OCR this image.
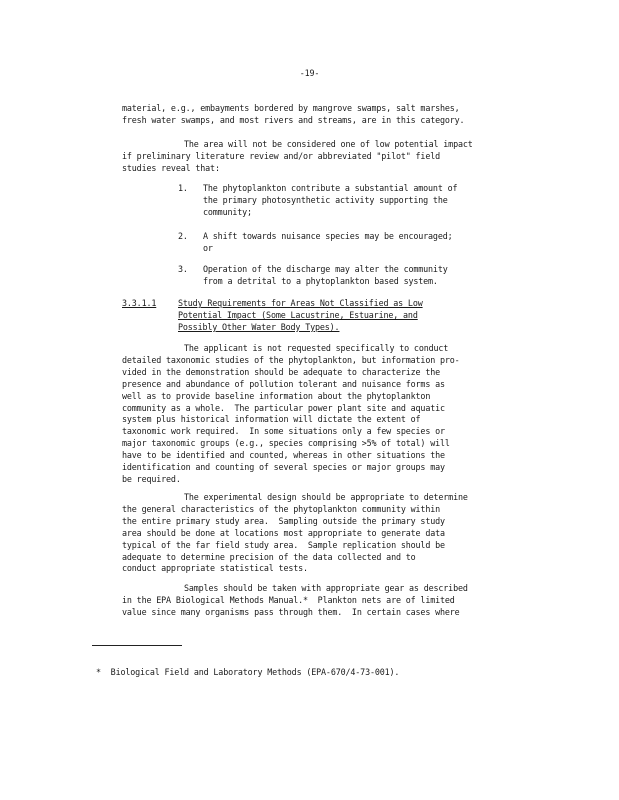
-19-
material, e.g., embayments bordered by mangrove swamps, salt marshes,
fresh water swamps, and most rivers and streams, are in this category.
The area will not be considered one of low potential impact
if preliminary literature review and/or abbreviated "pilot" field
studies reveal that:
1. The phytoplankton contribute a substantial amount of
the primary photosynthetic activity supporting the
community;
2. A shift towards nuisance species may be encouraged;
or
3. Operation of the discharge may alter the community
from a detrital to a phytoplankton based system.
3.3.1.1	Study Requirements for Areas Not Classified as Low
Potential Impact (Some Lacustrine, Estuarine, and
Possibly Other Water Body Types).
The applicant is not requested specifically to conduct
detailed taxonomic studies of the phytoplankton, but information pro-
vided in the demonstration should be adequate to characterize the
presence and abundance of pollution tolerant and nuisance forms as
well as to provide baseline information about the phytoplankton
community as a whole.  The particular power plant site and aquatic
system plus historical information will dictate the extent of
taxonomic work required.  In some situations only a few species or
major taxonomic groups (e.g., species comprising >5% of total) will
have to be identified and counted, whereas in other situations the
identification and counting of several species or major groups may
be required.
The experimental design should be appropriate to determine
the general characteristics of the phytoplankton community within
the entire primary study area.  Sampling outside the primary study
area should be done at locations most appropriate to generate data
typical of the far field study area.  Sample replication should be
adequate to determine precision of the data collected and to
conduct appropriate statistical tests.
Samples should be taken with appropriate gear as described
in the EPA Biological Methods Manual.*  Plankton nets are of limited
value since many organisms pass through them.  In certain cases where
*  Biological Field and Laboratory Methods (EPA-670/4-73-001).
